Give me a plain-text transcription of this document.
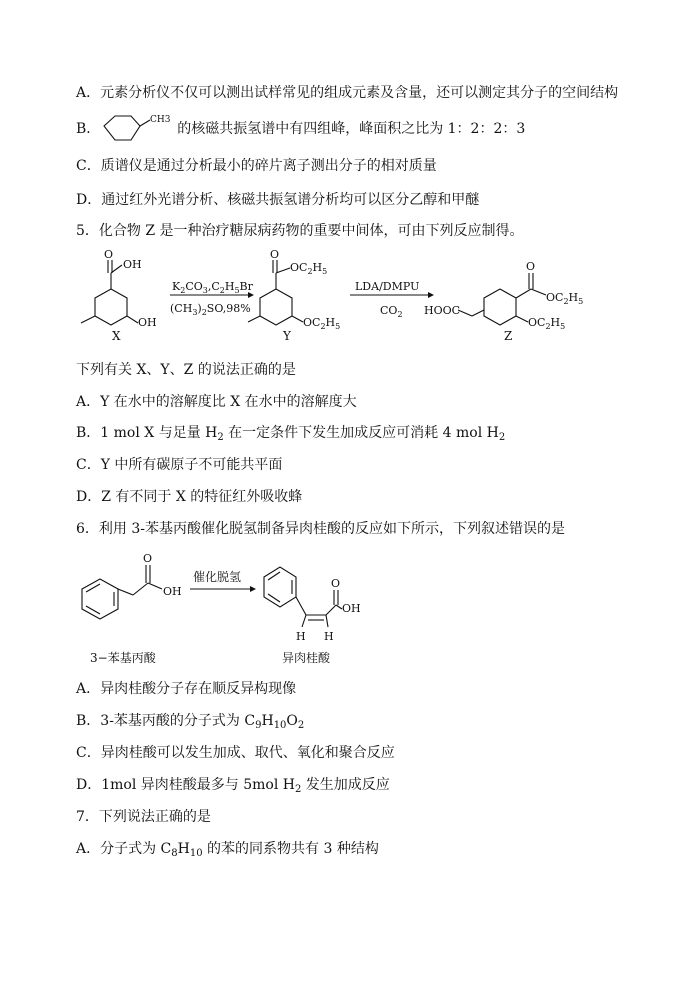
A．元素分析仪不仅可以测出试样常见的组成元素及含量，还可以测定其分子的空间结构
B．	的核磁共振氢谱中有四组峰，峰面积之比为 1：2：2：3
CH3
C．质谱仪是通过分析最小的碎片离子测出分子的相对质量
D．通过红外光谱分析、核磁共振氢谱分析均可以区分乙醇和甲醚
5．化合物 Z 是一种治疗糖尿病药物的重要中间体，可由下列反应制得。
O
OH
OH
X
$K_2CO_3,C_2H_5Br$
$(CH_3)_2SO,98\%$
O
$OC_2H_5$
$OC_2H_5$
Y
LDA/DMPU
$CO_2$ HOOC
O
$OC_2H_5$
$OC_2H_5$
Z
下列有关 X、Y、Z 的说法正确的是
A．Y 在水中的溶解度比 X 在水中的溶解度大
B．1 mol X 与足量 $H_2$ 在一定条件下发生加成反应可消耗 4 mol $H_2$
C．Y 中所有碳原子不可能共平面
D．Z 有不同于 X 的特征红外吸收蜂
6．利用 3-苯基丙酸催化脱氢制备异肉桂酸的反应如下所示，下列叙述错误的是
O
OH
3−苯基丙酸
催化脱氢	O
OH
H H
异肉桂酸
A．异肉桂酸分子存在顺反异构现像
B．3-苯基丙酸的分子式为 $C_9H_{10}O_2$
C．异肉桂酸可以发生加成、取代、氧化和聚合反应
D．1mol 异肉桂酸最多与 5mol $H_2$ 发生加成反应
7．下列说法正确的是
A．分子式为 $C_8H_{10}$ 的苯的同系物共有 3 种结构
